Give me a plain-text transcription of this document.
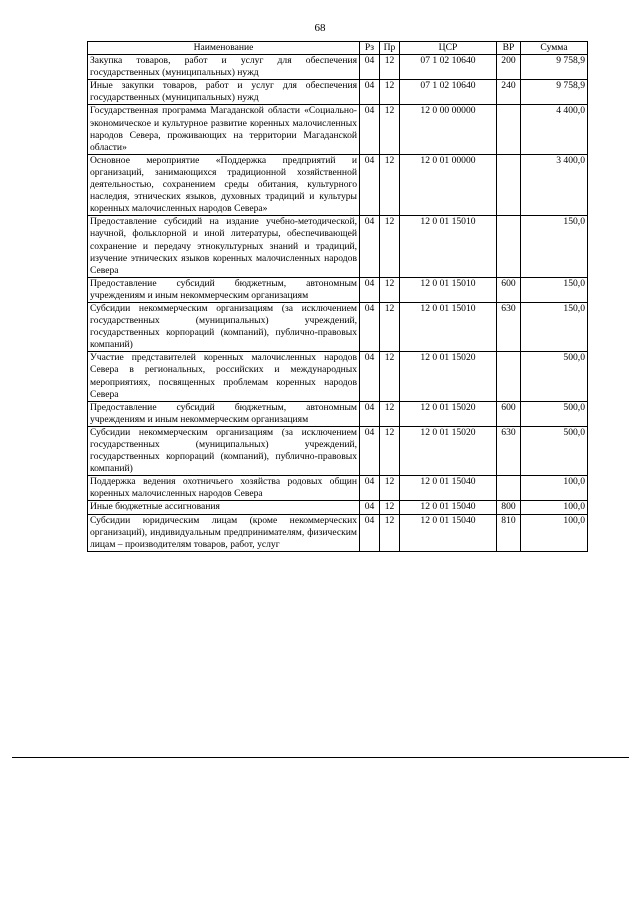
68
Наименование	Рз	Пр	ЦСР	ВР	Сумма
Закупка товаров, работ и услуг для обеспечения государственных (муниципальных) нужд	04	12	07 1 02 10640	200	9 758,9
Иные закупки товаров, работ и услуг для обеспечения государственных (муниципальных) нужд	04	12	07 1 02 10640	240	9 758,9
Государственная программа Магаданской области «Социально-экономическое и культурное развитие коренных малочисленных народов Севера, проживающих на территории Магаданской области»	04	12	12 0 00 00000		4 400,0
Основное мероприятие «Поддержка предприятий и организаций, занимающихся традиционной хозяйственной деятельностью, сохранением среды обитания, культурного наследия, этнических языков, духовных традиций и культуры коренных малочисленных народов Севера»	04	12	12 0 01 00000		3 400,0
Предоставление субсидий на издание учебно-методической, научной, фольклорной и иной литературы, обеспечивающей сохранение и передачу этнокультурных знаний и традиций, изучение этнических языков коренных малочисленных народов Севера	04	12	12 0 01 15010		150,0
Предоставление субсидий бюджетным, автономным учреждениям и иным некоммерческим организациям	04	12	12 0 01 15010	600	150,0
Субсидии некоммерческим организациям (за исключением государственных (муниципальных) учреждений, государственных корпораций (компаний), публично-правовых компаний)	04	12	12 0 01 15010	630	150,0
Участие представителей коренных малочисленных народов Севера в региональных, российских и международных мероприятиях, посвященных проблемам коренных народов Севера	04	12	12 0 01 15020		500,0
Предоставление субсидий бюджетным, автономным учреждениям и иным некоммерческим организациям	04	12	12 0 01 15020	600	500,0
Субсидии некоммерческим организациям (за исключением государственных (муниципальных) учреждений, государственных корпораций (компаний), публично-правовых компаний)	04	12	12 0 01 15020	630	500,0
Поддержка ведения охотничьего хозяйства родовых общин коренных малочисленных народов Севера	04	12	12 0 01 15040		100,0
Иные бюджетные ассигнования	04	12	12 0 01 15040	800	100,0
Субсидии юридическим лицам (кроме некоммерческих организаций), индивидуальным предпринимателям, физическим лицам – производителям товаров, работ, услуг	04	12	12 0 01 15040	810	100,0
